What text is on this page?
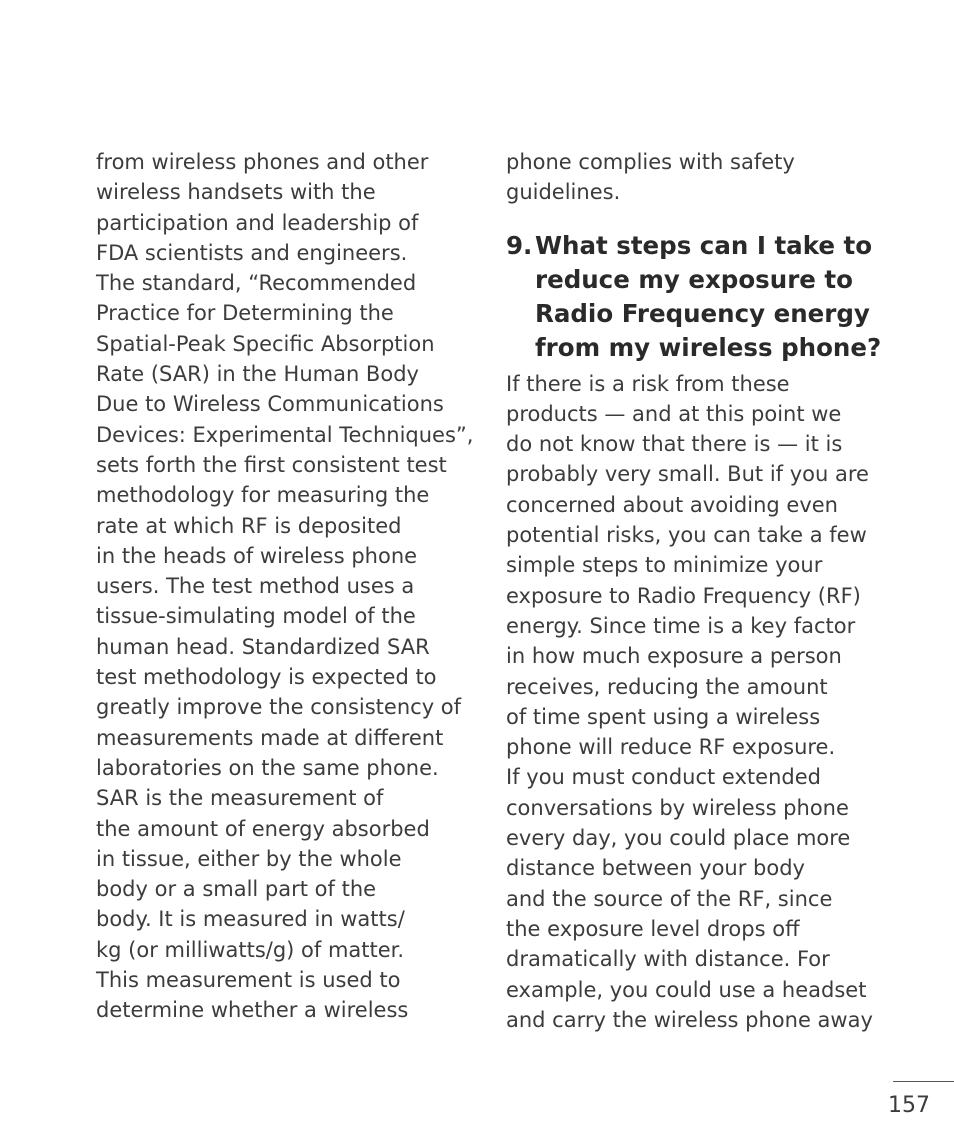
from wireless phones and other
wireless handsets with the
participation and leadership of
FDA scientists and engineers.
The standard, “Recommended
Practice for Determining the
Spatial-Peak Specific Absorption
Rate (SAR) in the Human Body
Due to Wireless Communications
Devices: Experimental Techniques”,
sets forth the first consistent test
methodology for measuring the
rate at which RF is deposited
in the heads of wireless phone
users. The test method uses a
tissue-simulating model of the
human head. Standardized SAR
test methodology is expected to
greatly improve the consistency of
measurements made at different
laboratories on the same phone.
SAR is the measurement of
the amount of energy absorbed
in tissue, either by the whole
body or a small part of the
body. It is measured in watts/
kg (or milliwatts/g) of matter.
This measurement is used to
determine whether a wireless
phone complies with safety
guidelines.
9. What steps can I take to
reduce my exposure to
Radio Frequency energy
from my wireless phone?
If there is a risk from these
products — and at this point we
do not know that there is — it is
probably very small. But if you are
concerned about avoiding even
potential risks, you can take a few
simple steps to minimize your
exposure to Radio Frequency (RF)
energy. Since time is a key factor
in how much exposure a person
receives, reducing the amount
of time spent using a wireless
phone will reduce RF exposure.
If you must conduct extended
conversations by wireless phone
every day, you could place more
distance between your body
and the source of the RF, since
the exposure level drops off
dramatically with distance. For
example, you could use a headset
and carry the wireless phone away
157
